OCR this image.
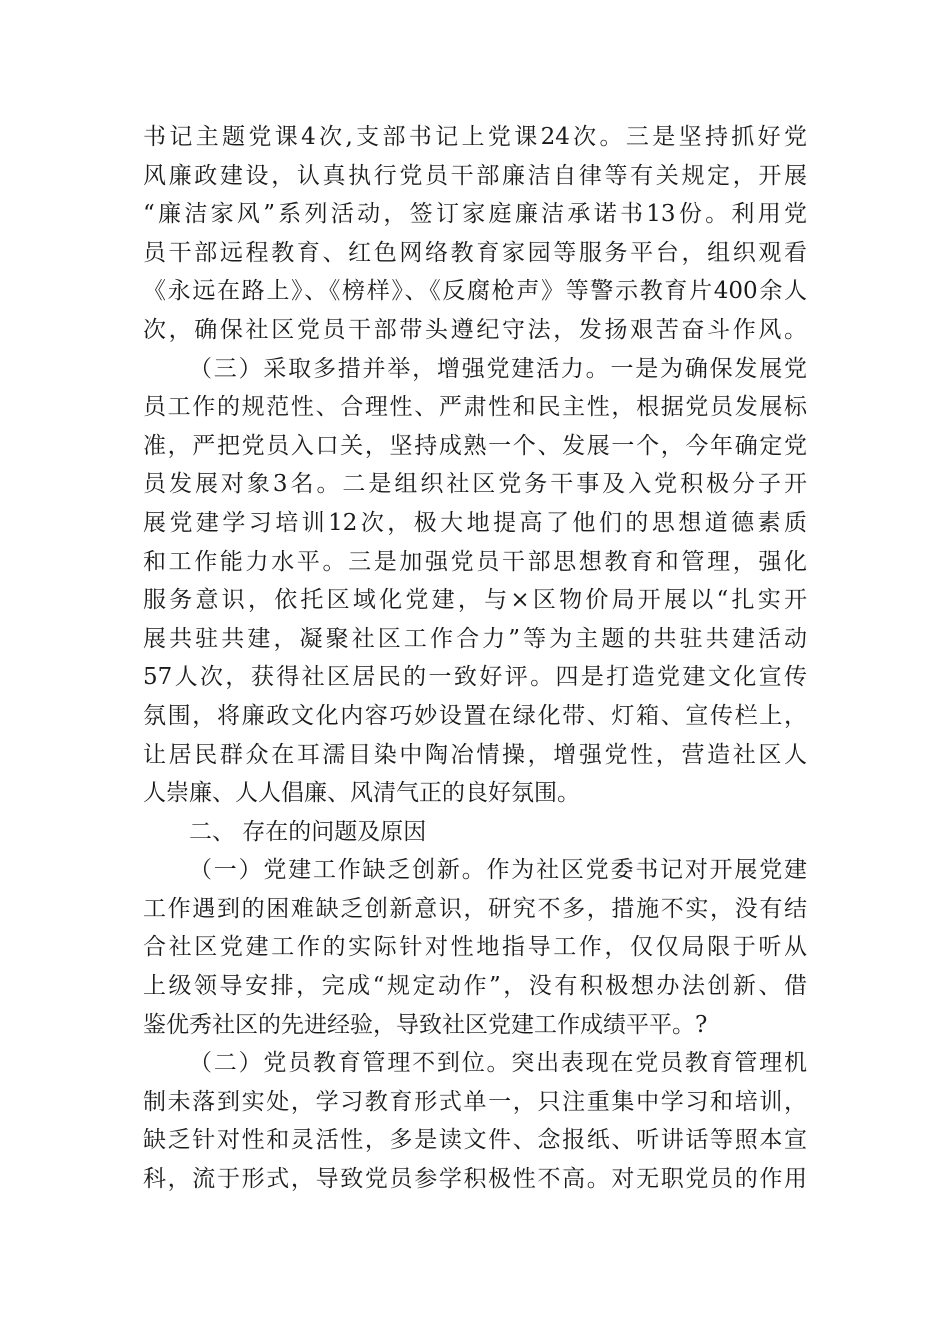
书记主题党课4次,支部书记上党课24次。三是坚持抓好党
风廉政建设，认真执行党员干部廉洁自律等有关规定，开展
“廉洁家风”系列活动，签订家庭廉洁承诺书13份。利用党
员干部远程教育、红色网络教育家园等服务平台，组织观看
《永远在路上》、《榜样》、《反腐枪声》等警示教育片400余人
次，确保社区党员干部带头遵纪守法，发扬艰苦奋斗作风。
（三）采取多措并举，增强党建活力。一是为确保发展党
员工作的规范性、合理性、严肃性和民主性，根据党员发展标
准，严把党员入口关，坚持成熟一个、发展一个，今年确定党
员发展对象3名。二是组织社区党务干事及入党积极分子开
展党建学习培训12次，极大地提高了他们的思想道德素质
和工作能力水平。三是加强党员干部思想教育和管理，强化
服务意识，依托区域化党建，与×区物价局开展以“扎实开
展共驻共建，凝聚社区工作合力”等为主题的共驻共建活动
57人次，获得社区居民的一致好评。四是打造党建文化宣传
氛围，将廉政文化内容巧妙设置在绿化带、灯箱、宣传栏上，
让居民群众在耳濡目染中陶冶情操，增强党性，营造社区人
人崇廉、人人倡廉、风清气正的良好氛围。
二、 存在的问题及原因
（一）党建工作缺乏创新。作为社区党委书记对开展党建
工作遇到的困难缺乏创新意识，研究不多，措施不实，没有结
合社区党建工作的实际针对性地指导工作，仅仅局限于听从
上级领导安排，完成“规定动作”，没有积极想办法创新、借
鉴优秀社区的先进经验，导致社区党建工作成绩平平。?
（二）党员教育管理不到位。突出表现在党员教育管理机
制未落到实处，学习教育形式单一，只注重集中学习和培训，
缺乏针对性和灵活性，多是读文件、念报纸、听讲话等照本宣
科，流于形式，导致党员参学积极性不高。对无职党员的作用
